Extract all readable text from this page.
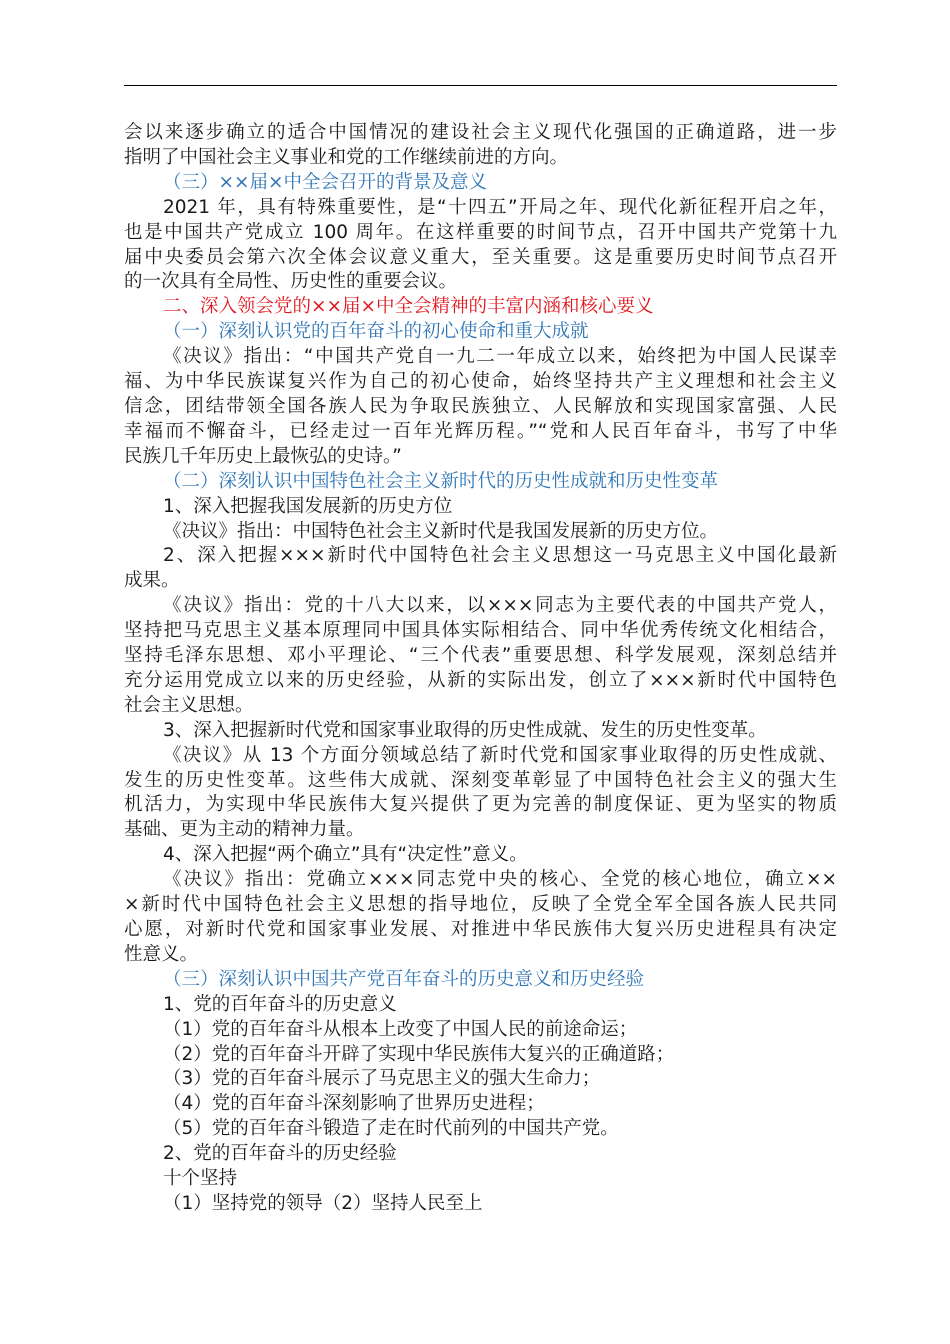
会以来逐步确立的适合中国情况的建设社会主义现代化强国的正确道路，进一步
指明了中国社会主义事业和党的工作继续前进的方向。
（三）××届×中全会召开的背景及意义
2021 年，具有特殊重要性，是“十四五”开局之年、现代化新征程开启之年，
也是中国共产党成立 100 周年。在这样重要的时间节点，召开中国共产党第十九
届中央委员会第六次全体会议意义重大，至关重要。这是重要历史时间节点召开
的一次具有全局性、历史性的重要会议。
二、深入领会党的××届×中全会精神的丰富内涵和核心要义
（一）深刻认识党的百年奋斗的初心使命和重大成就
《决议》指出：“中国共产党自一九二一年成立以来，始终把为中国人民谋幸
福、为中华民族谋复兴作为自己的初心使命，始终坚持共产主义理想和社会主义
信念，团结带领全国各族人民为争取民族独立、人民解放和实现国家富强、人民
幸福而不懈奋斗，已经走过一百年光辉历程。”“党和人民百年奋斗，书写了中华
民族几千年历史上最恢弘的史诗。”
（二）深刻认识中国特色社会主义新时代的历史性成就和历史性变革
1、深入把握我国发展新的历史方位
《决议》指出：中国特色社会主义新时代是我国发展新的历史方位。
2、深入把握×××新时代中国特色社会主义思想这一马克思主义中国化最新
成果。
《决议》指出：党的十八大以来，以×××同志为主要代表的中国共产党人，
坚持把马克思主义基本原理同中国具体实际相结合、同中华优秀传统文化相结合，
坚持毛泽东思想、邓小平理论、“三个代表”重要思想、科学发展观，深刻总结并
充分运用党成立以来的历史经验，从新的实际出发，创立了×××新时代中国特色
社会主义思想。
3、深入把握新时代党和国家事业取得的历史性成就、发生的历史性变革。
《决议》从 13 个方面分领域总结了新时代党和国家事业取得的历史性成就、
发生的历史性变革。这些伟大成就、深刻变革彰显了中国特色社会主义的强大生
机活力，为实现中华民族伟大复兴提供了更为完善的制度保证、更为坚实的物质
基础、更为主动的精神力量。
4、深入把握“两个确立”具有“决定性”意义。
《决议》指出：党确立×××同志党中央的核心、全党的核心地位，确立××
×新时代中国特色社会主义思想的指导地位，反映了全党全军全国各族人民共同
心愿，对新时代党和国家事业发展、对推进中华民族伟大复兴历史进程具有决定
性意义。
（三）深刻认识中国共产党百年奋斗的历史意义和历史经验
1、党的百年奋斗的历史意义
（1）党的百年奋斗从根本上改变了中国人民的前途命运；
（2）党的百年奋斗开辟了实现中华民族伟大复兴的正确道路；
（3）党的百年奋斗展示了马克思主义的强大生命力；
（4）党的百年奋斗深刻影响了世界历史进程；
（5）党的百年奋斗锻造了走在时代前列的中国共产党。
2、党的百年奋斗的历史经验
十个坚持
（1）坚持党的领导（2）坚持人民至上
